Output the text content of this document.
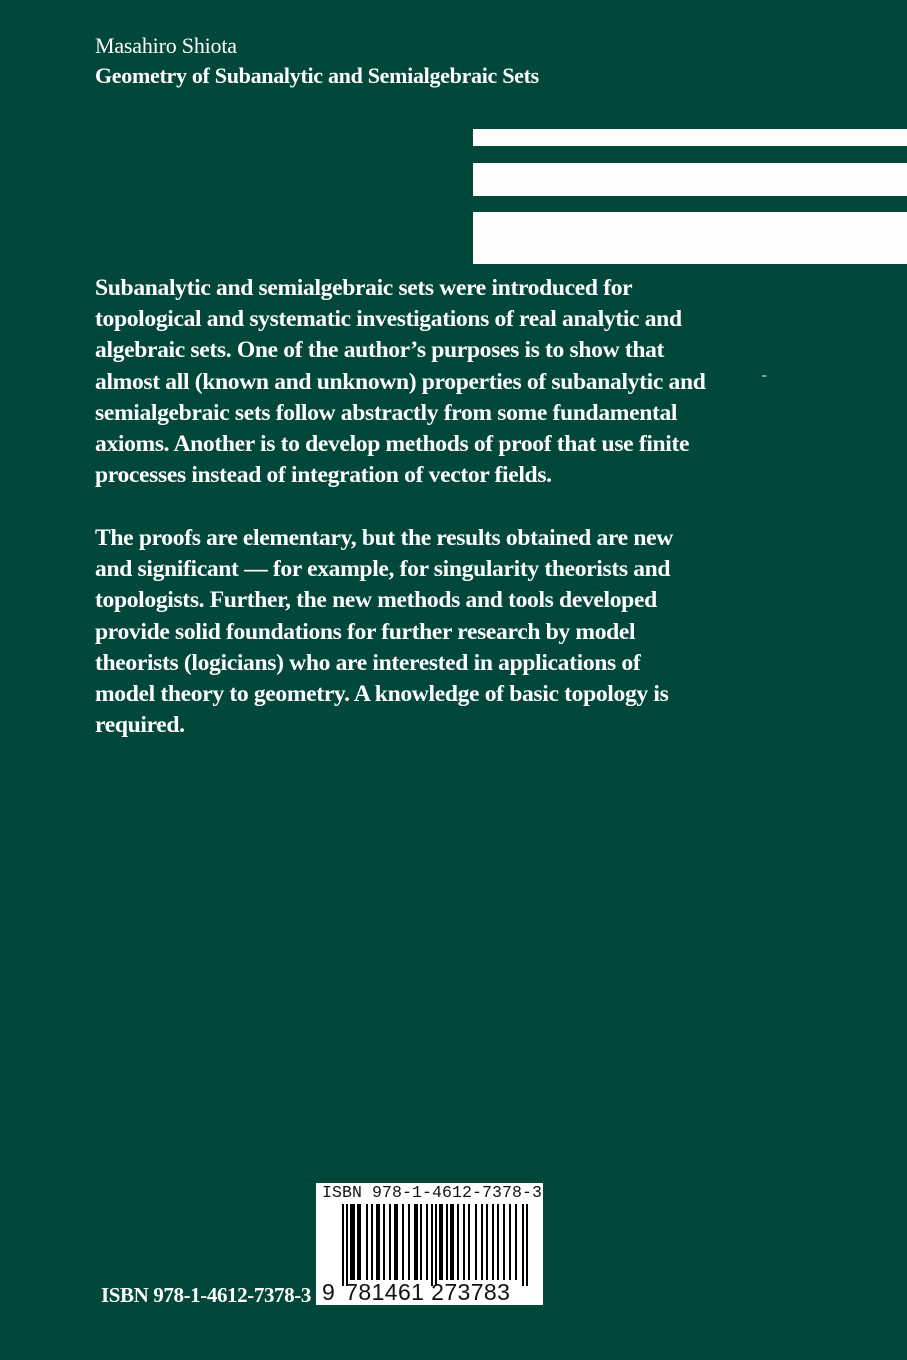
Masahiro Shiota
Geometry of Subanalytic and Semialgebraic Sets
Subanalytic and semialgebraic sets were introduced for
topological and systematic investigations of real analytic and
algebraic sets. One of the author’s purposes is to show that
almost all (known and unknown) properties of subanalytic and
semialgebraic sets follow abstractly from some fundamental
axioms. Another is to develop methods of proof that use finite
processes instead of integration of vector fields.
ˉ
The proofs are elementary, but the results obtained are new
and significant — for example, for singularity theorists and
topologists. Further, the new methods and tools developed
provide solid foundations for further research by model
theorists (logicians) who are interested in applications of
model theory to geometry. A knowledge of basic topology is
required.
ISBN 978-1-4612-7378-3
ISBN 978-1-4612-7378-3
9 781461 273783
